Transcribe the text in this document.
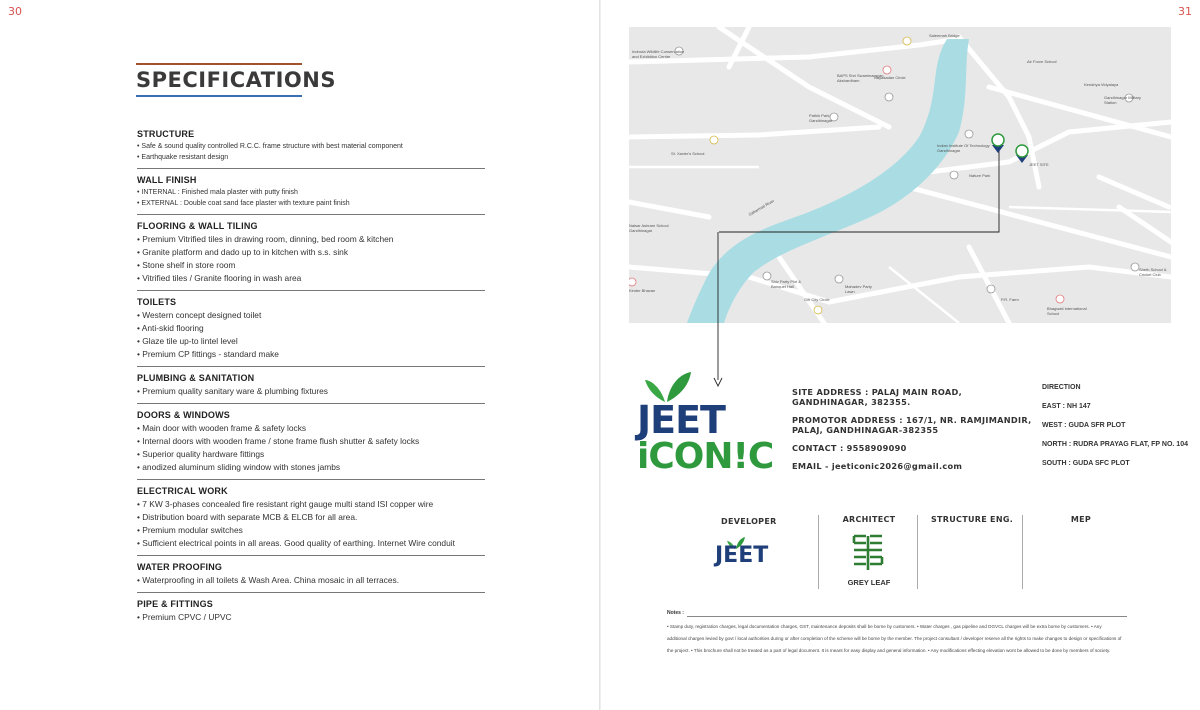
30	31
SPECIFICATIONS
STRUCTURE
• Safe & sound quality controlled R.C.C. frame structure with best material component
• Earthquake resistant design
WALL FINISH
• INTERNAL : Finished mala plaster with putty finish
• EXTERNAL : Double coat sand face plaster with texture paint finish
FLOORING & WALL TILING
• Premium Vitrified tiles in drawing room, dinning, bed room & kitchen
• Granite platform and dado up to in kitchen with s.s. sink
• Stone shelf in store room
• Vitrified tiles / Granite flooring in wash area
TOILETS
• Western concept designed toilet
• Anti-skid flooring
• Glaze tile up-to lintel level
• Premium CP fittings - standard make
PLUMBING & SANITATION
• Premium quality sanitary ware & plumbing fixtures
DOORS & WINDOWS
• Main door with wooden frame & safety locks
• Internal doors with wooden frame / stone frame flush shutter & safety locks
• Superior quality hardware fittings
• anodized aluminum sliding window with stones jambs
ELECTRICAL WORK
• 7 KW 3-phases concealed fire resistant right gauge multi stand ISI copper wire
• Distribution board with separate MCB & ELCB for all area.
• Premium modular switches
• Sufficient electrical points in all areas. Good quality of earthing. Internet Wire conduit
WATER PROOFING
• Waterproofing in all toilets & Wash Area. China mosaic in all terraces.
PIPE & FITTINGS
• Premium CPVC / UPVC
Indroda Wildlife Conservation and Exhibition Centre
Nayasadan Circle
Saleemah Bridge
Air Force School
BAPS Shri Swaminarayan Akshardham
Kendriya Vidyalaya
Gandhinagar Military Station
Pathik Park Gandhinagar
St. Xavier's School
Indian Institute Of Technology Gandhinagar
JEET SITE
Nature Park
Sabarmati River
Nalsar Ashram School Gandhinagar
Shiv Party Plot & Banquet Hall	Mahadev Party Lawn
Gift City Circle
Kinder Bhavan
P.R. Farm
Bhagwati International School
Sheth School & Cricket Club
JEET
iCON!C
SITE ADDRESS : PALAJ MAIN ROAD,
GANDHINAGAR, 382355.
PROMOTOR ADDRESS : 167/1, NR. RAMJIMANDIR,
PALAJ, GANDHINAGAR-382355
CONTACT : 9558909090
EMAIL - jeeticonic2026@gmail.com
DIRECTION
EAST : NH 147
WEST : GUDA SFR PLOT
NORTH : RUDRA PRAYAG FLAT, FP NO. 104
SOUTH : GUDA SFC PLOT
DEVELOPER
JEET
ARCHITECT
GREY LEAF
STRUCTURE ENG.	MEP
Notes :
• Stamp duty, registration charges, legal documentation charges, GST, maintenance deposits shall be borne by customers. • Water charges , gas pipeline and DGVCL charges will be extra borne by customers. • Any
additional charges levied by govt / local authorities during or after completion of the scheme will be borne by the member. The project consultant / developer reserve all the rights to make changes to design or specifications of
the project. • This brochure shall not be treated as a part of legal document. It is meant for easy display and general information. • Any modifications effecting elevation wont be allowed to be done by members of society.
